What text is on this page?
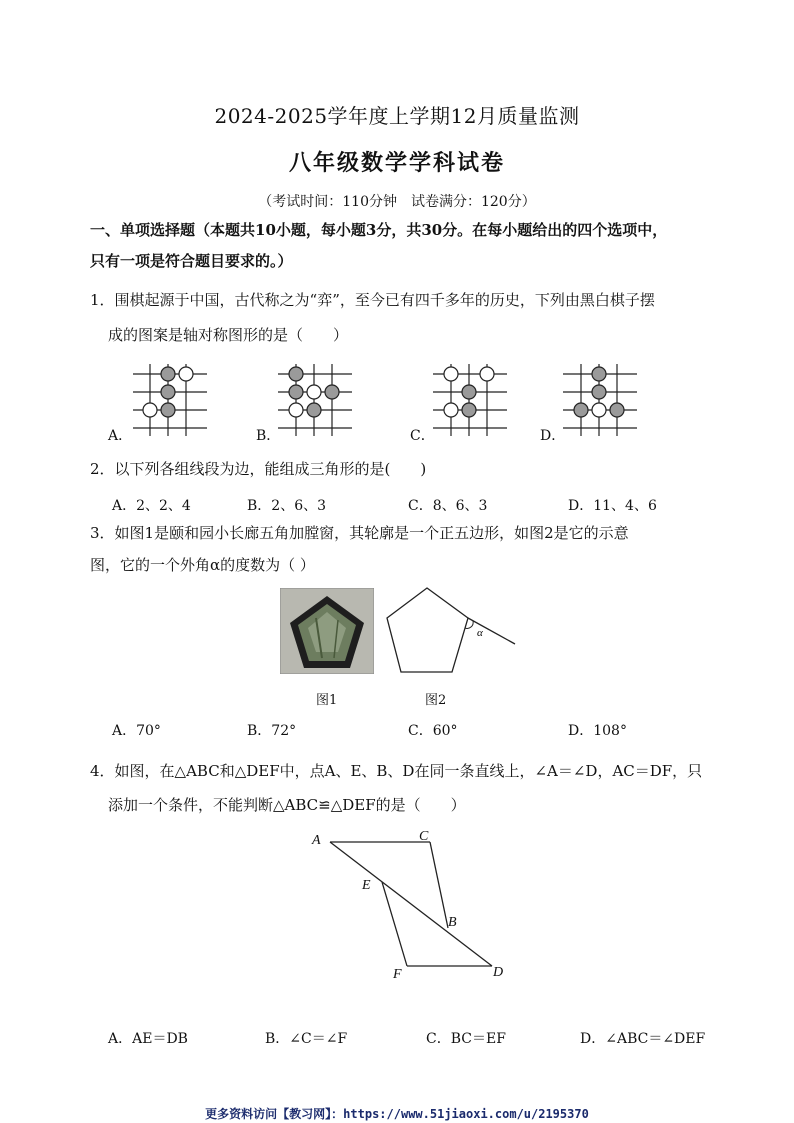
2024-2025学年度上学期12月质量监测
八年级数学学科试卷
（考试时间：110分钟　试卷满分：120分）
一、单项选择题（本题共10小题，每小题3分，共30分。在每小题给出的四个选项中，
只有一项是符合题目要求的。）
1．围棋起源于中国，古代称之为“弈”，至今已有四千多年的历史，下列由黑白棋子摆
成的图案是轴对称图形的是（　　）
A．	B．	C．	D．
2．以下列各组线段为边，能组成三角形的是(　　)
A．2、2、4	B．2、6、3	C．8、6、3	D．11、4、6
3．如图1是颐和园小长廊五角加膛窗，其轮廓是一个正五边形，如图2是它的示意
图，它的一个外角α的度数为（ ）
α
图1	图2
A．70°	B．72°	C．60°	D．108°
4．如图，在△ABC和△DEF中，点A、E、B、D在同一条直线上，∠A＝∠D，AC＝DF，只
添加一个条件，不能判断△ABC≌△DEF的是（　　）
A	C
E
B
F	D
A．AE＝DB	B．∠C＝∠F	C．BC＝EF	D．∠ABC＝∠DEF
更多资料访问【教习网】：https://www.51jiaoxi.com/u/2195370
